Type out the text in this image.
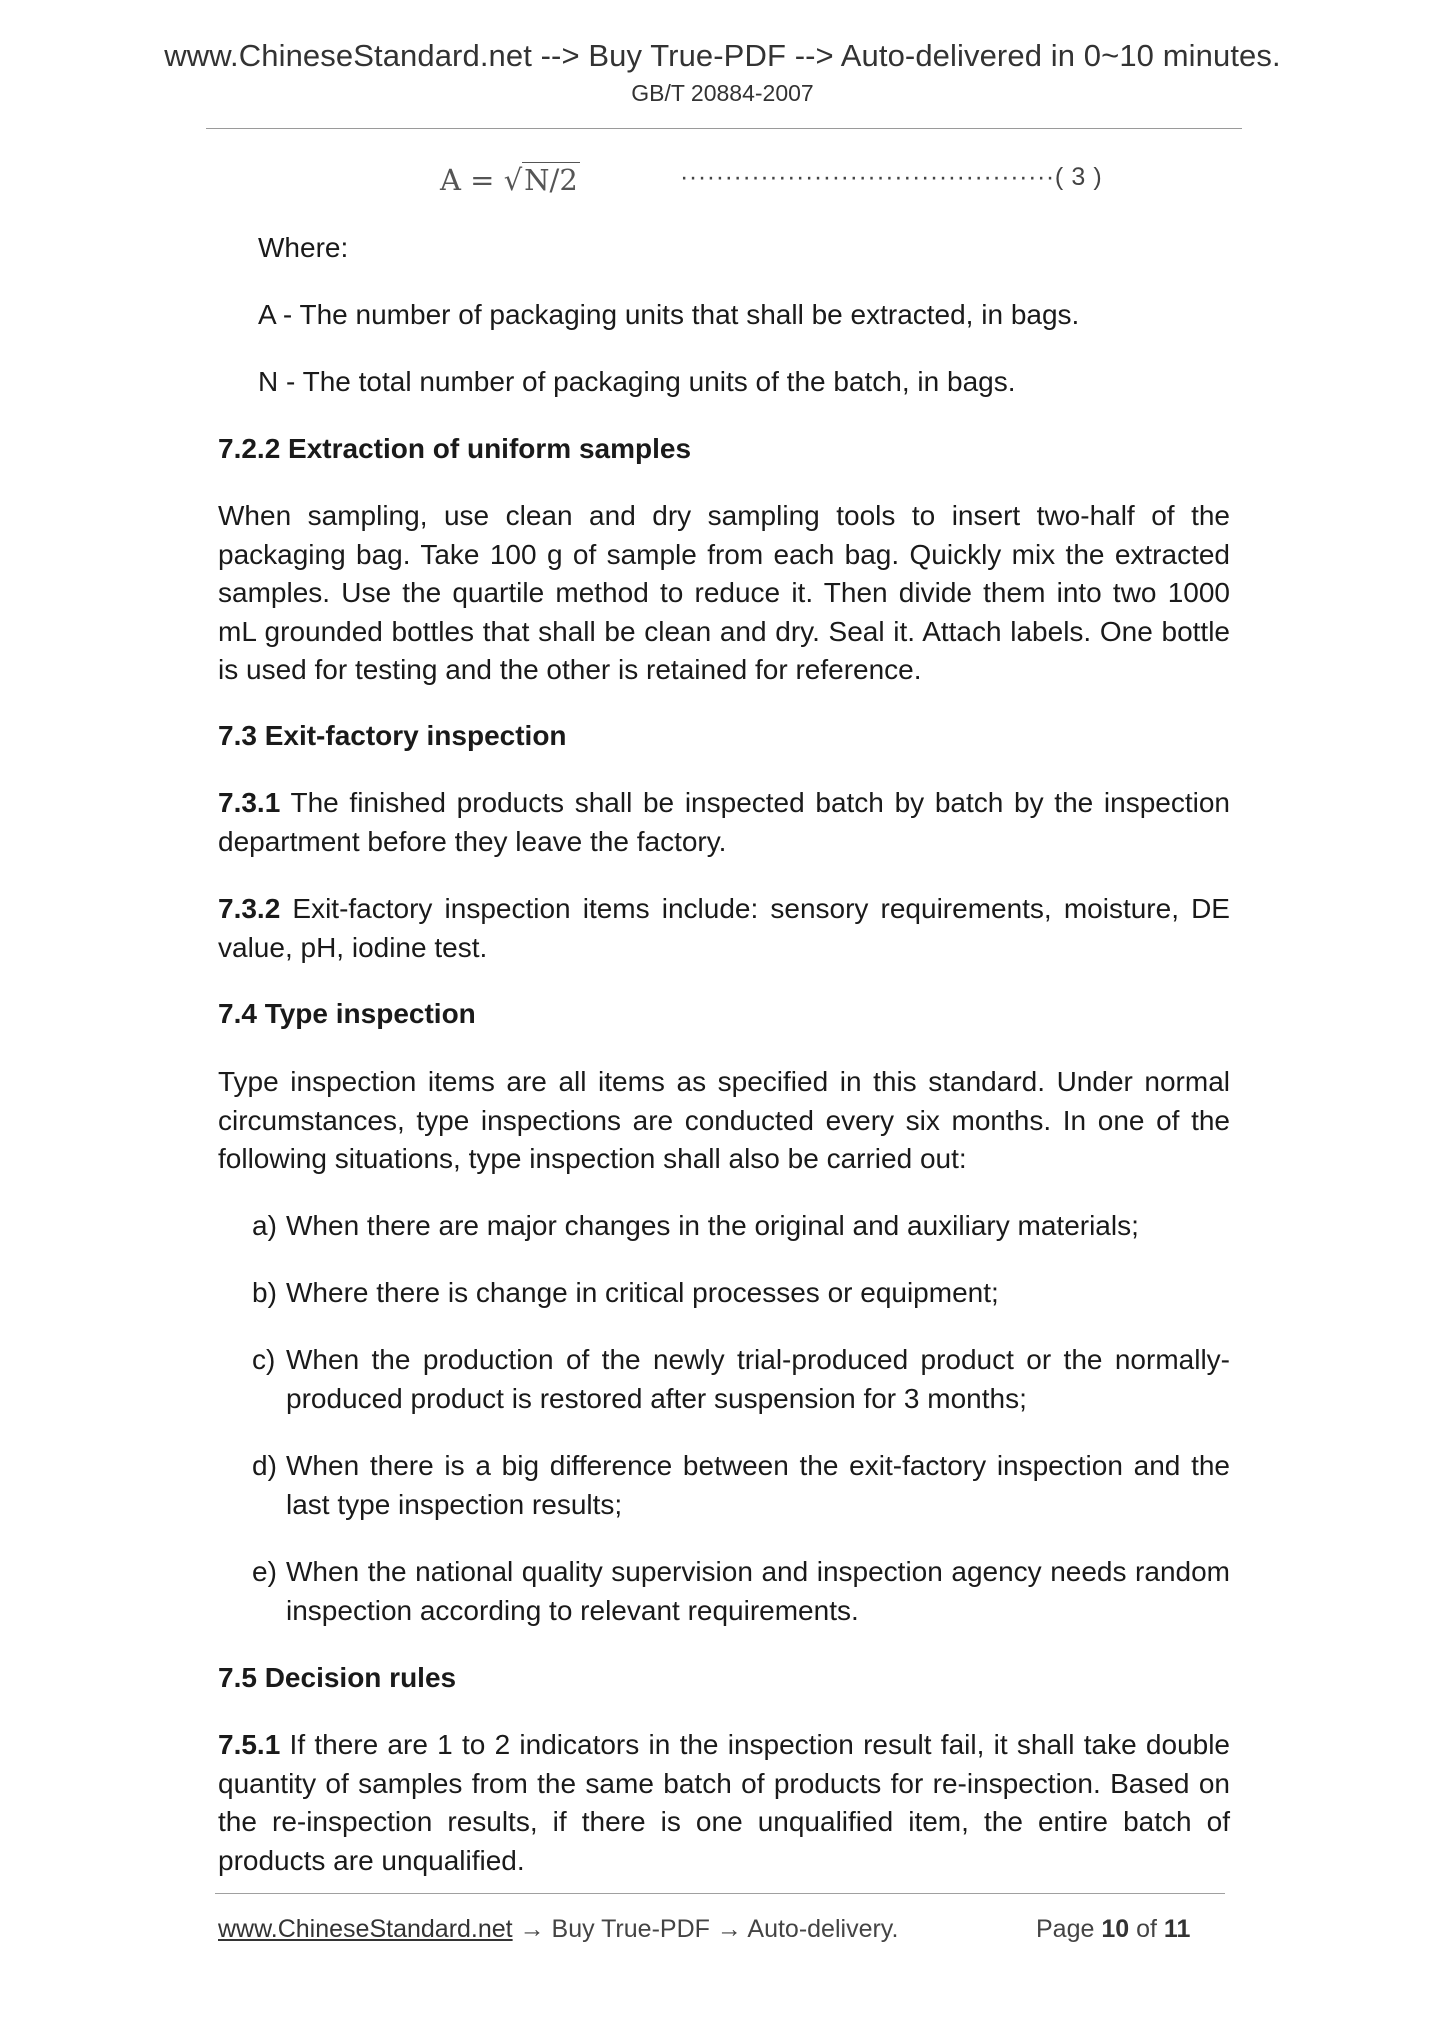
www.ChineseStandard.net --> Buy True-PDF --> Auto-delivered in 0~10 minutes.
GB/T 20884-2007
A = √N/2	··········································( 3 )
Where:
A - The number of packaging units that shall be extracted, in bags.
N - The total number of packaging units of the batch, in bags.
7.2.2 Extraction of uniform samples
When sampling, use clean and dry sampling tools to insert two-half of the packaging bag. Take 100 g of sample from each bag. Quickly mix the extracted samples. Use the quartile method to reduce it. Then divide them into two 1000 mL grounded bottles that shall be clean and dry. Seal it. Attach labels. One bottle is used for testing and the other is retained for reference.
7.3 Exit-factory inspection
7.3.1 The finished products shall be inspected batch by batch by the inspection department before they leave the factory.
7.3.2 Exit-factory inspection items include: sensory requirements, moisture, DE value, pH, iodine test.
7.4 Type inspection
Type inspection items are all items as specified in this standard. Under normal circumstances, type inspections are conducted every six months. In one of the following situations, type inspection shall also be carried out:
a) When there are major changes in the original and auxiliary materials;
b) Where there is change in critical processes or equipment;
c) When the production of the newly trial-produced product or the normally-produced product is restored after suspension for 3 months;
d) When there is a big difference between the exit-factory inspection and the last type inspection results;
e) When the national quality supervision and inspection agency needs random inspection according to relevant requirements.
7.5 Decision rules
7.5.1 If there are 1 to 2 indicators in the inspection result fail, it shall take double quantity of samples from the same batch of products for re-inspection. Based on the re-inspection results, if there is one unqualified item, the entire batch of products are unqualified.
www.ChineseStandard.net → Buy True-PDF → Auto-delivery.	Page 10 of 11
